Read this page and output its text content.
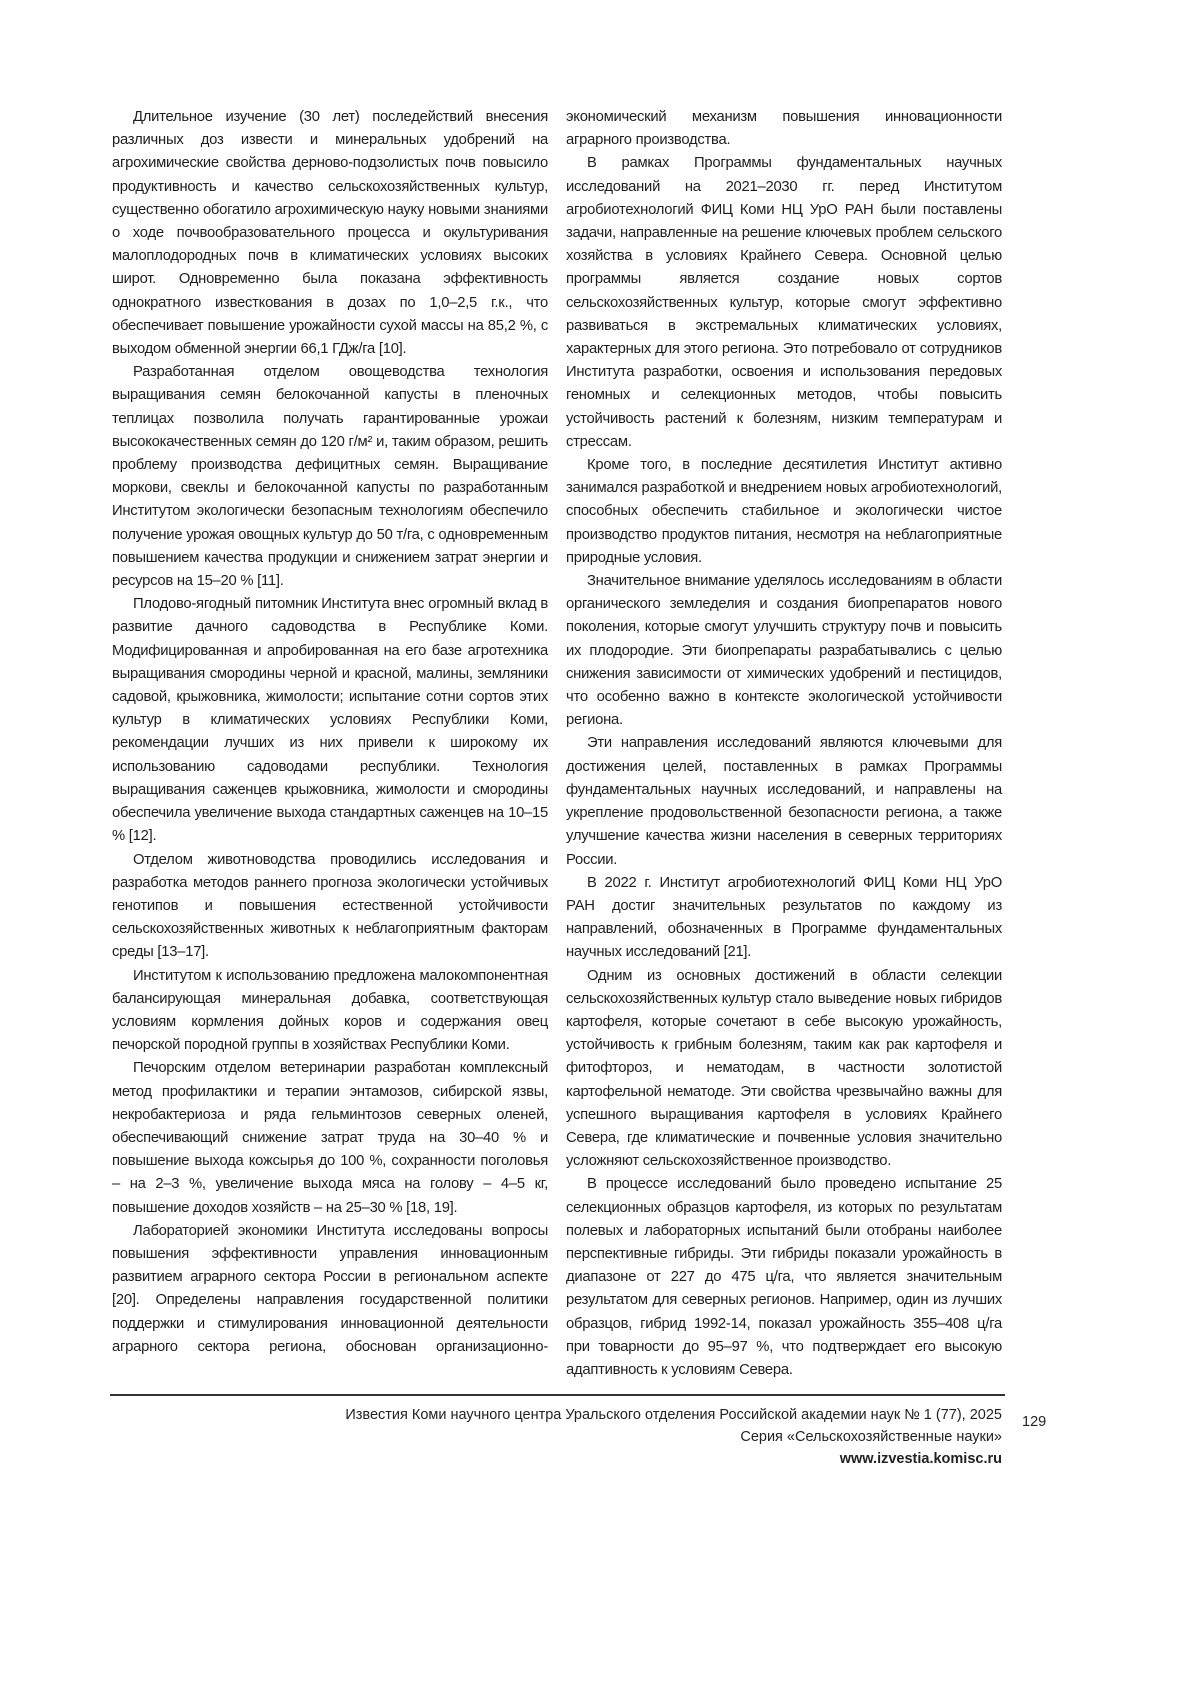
Длительное изучение (30 лет) последействий внесения различных доз извести и минеральных удобрений на агрохимические свойства дерново-подзолистых почв повысило продуктивность и качество сельскохозяйственных культур, существенно обогатило агрохимическую науку новыми знаниями о ходе почвообразовательного процесса и окультуривания малоплодородных почв в климатических условиях высоких широт. Одновременно была показана эффективность однократного известкования в дозах по 1,0–2,5 г.к., что обеспечивает повышение урожайности сухой массы на 85,2 %, с выходом обменной энергии 66,1 ГДж/га [10].

Разработанная отделом овощеводства технология выращивания семян белокочанной капусты в пленочных теплицах позволила получать гарантированные урожаи высококачественных семян до 120 г/м² и, таким образом, решить проблему производства дефицитных семян. Выращивание моркови, свеклы и белокочанной капусты по разработанным Институтом экологически безопасным технологиям обеспечило получение урожая овощных культур до 50 т/га, с одновременным повышением качества продукции и снижением затрат энергии и ресурсов на 15–20 % [11].

Плодово-ягодный питомник Института внес огромный вклад в развитие дачного садоводства в Республике Коми. Модифицированная и апробированная на его базе агротехника выращивания смородины черной и красной, малины, земляники садовой, крыжовника, жимолости; испытание сотни сортов этих культур в климатических условиях Республики Коми, рекомендации лучших из них привели к широкому их использованию садоводами республики. Технология выращивания саженцев крыжовника, жимолости и смородины обеспечила увеличение выхода стандартных саженцев на 10–15 % [12].

Отделом животноводства проводились исследования и разработка методов раннего прогноза экологически устойчивых генотипов и повышения естественной устойчивости сельскохозяйственных животных к неблагоприятным факторам среды [13–17].

Институтом к использованию предложена малокомпонентная балансирующая минеральная добавка, соответствующая условиям кормления дойных коров и содержания овец печорской породной группы в хозяйствах Республики Коми.

Печорским отделом ветеринарии разработан комплексный метод профилактики и терапии энтамозов, сибирской язвы, некробактериоза и ряда гельминтозов северных оленей, обеспечивающий снижение затрат труда на 30–40 % и повышение выхода кожсырья до 100 %, сохранности поголовья – на 2–3 %, увеличение выхода мяса на голову – 4–5 кг, повышение доходов хозяйств – на 25–30 % [18, 19].

Лабораторией экономики Института исследованы вопросы повышения эффективности управления инновационным развитием аграрного сектора России в региональном аспекте [20]. Определены направления государственной политики поддержки и стимулирования инновационной деятельности аграрного сектора региона, обоснован организационно-экономический механизм повышения инновационности аграрного производства.

В рамках Программы фундаментальных научных исследований на 2021–2030 гг. перед Институтом агробиотехнологий ФИЦ Коми НЦ УрО РАН были поставлены задачи, направленные на решение ключевых проблем сельского хозяйства в условиях Крайнего Севера. Основной целью программы является создание новых сортов сельскохозяйственных культур, которые смогут эффективно развиваться в экстремальных климатических условиях, характерных для этого региона. Это потребовало от сотрудников Института разработки, освоения и использования передовых геномных и селекционных методов, чтобы повысить устойчивость растений к болезням, низким температурам и стрессам.

Кроме того, в последние десятилетия Институт активно занимался разработкой и внедрением новых агробиотехнологий, способных обеспечить стабильное и экологически чистое производство продуктов питания, несмотря на неблагоприятные природные условия.

Значительное внимание уделялось исследованиям в области органического земледелия и создания биопрепаратов нового поколения, которые смогут улучшить структуру почв и повысить их плодородие. Эти биопрепараты разрабатывались с целью снижения зависимости от химических удобрений и пестицидов, что особенно важно в контексте экологической устойчивости региона.

Эти направления исследований являются ключевыми для достижения целей, поставленных в рамках Программы фундаментальных научных исследований, и направлены на укрепление продовольственной безопасности региона, а также улучшение качества жизни населения в северных территориях России.

В 2022 г. Институт агробиотехнологий ФИЦ Коми НЦ УрО РАН достиг значительных результатов по каждому из направлений, обозначенных в Программе фундаментальных научных исследований [21].

Одним из основных достижений в области селекции сельскохозяйственных культур стало выведение новых гибридов картофеля, которые сочетают в себе высокую урожайность, устойчивость к грибным болезням, таким как рак картофеля и фитофтороз, и нематодам, в частности золотистой картофельной нематоде. Эти свойства чрезвычайно важны для успешного выращивания картофеля в условиях Крайнего Севера, где климатические и почвенные условия значительно усложняют сельскохозяйственное производство.

В процессе исследований было проведено испытание 25 селекционных образцов картофеля, из которых по результатам полевых и лабораторных испытаний были отобраны наиболее перспективные гибриды. Эти гибриды показали урожайность в диапазоне от 227 до 475 ц/га, что является значительным результатом для северных регионов. Например, один из лучших образцов, гибрид 1992-14, показал урожайность 355–408 ц/га при товарности до 95–97 %, что подтверждает его высокую адаптивность к условиям Севера.

Известия Коми научного центра Уральского отделения Российской академии наук № 1 (77), 2025
Серия «Сельскохозяйственные науки»
www.izvestia.komisc.ru
129
